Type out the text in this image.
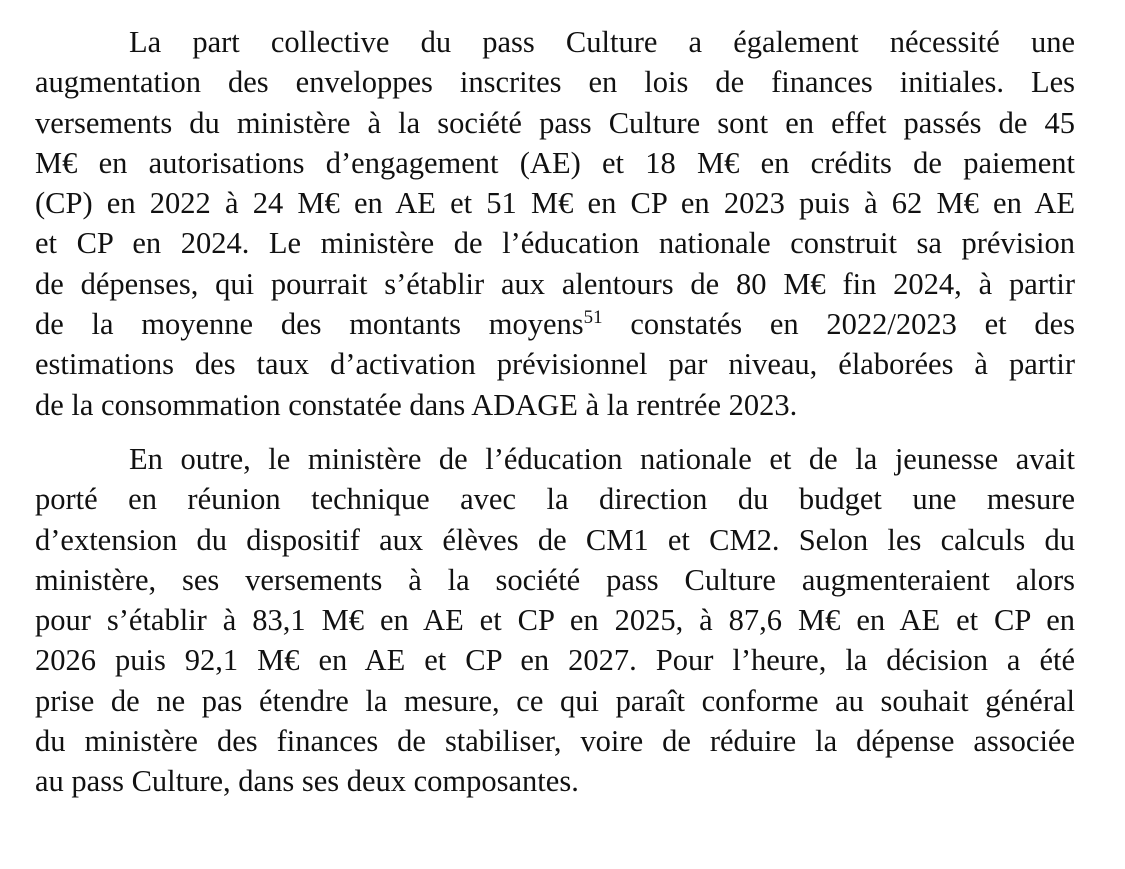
La part collective du pass Culture a également nécessité une
augmentation des enveloppes inscrites en lois de finances initiales. Les
versements du ministère à la société pass Culture sont en effet passés de 45
M€ en autorisations d’engagement (AE) et 18 M€ en crédits de paiement
(CP) en 2022 à 24 M€ en AE et 51 M€ en CP en 2023 puis à 62 M€ en AE
et CP en 2024. Le ministère de l’éducation nationale construit sa prévision
de dépenses, qui pourrait s’établir aux alentours de 80 M€ fin 2024, à partir
de la moyenne des montants moyens$^{51}$ constatés en 2022/2023 et des
estimations des taux d’activation prévisionnel par niveau, élaborées à partir
de la consommation constatée dans ADAGE à la rentrée 2023.
En outre, le ministère de l’éducation nationale et de la jeunesse avait
porté en réunion technique avec la direction du budget une mesure
d’extension du dispositif aux élèves de CM1 et CM2. Selon les calculs du
ministère, ses versements à la société pass Culture augmenteraient alors
pour s’établir à 83,1 M€ en AE et CP en 2025, à 87,6 M€ en AE et CP en
2026 puis 92,1 M€ en AE et CP en 2027. Pour l’heure, la décision a été
prise de ne pas étendre la mesure, ce qui paraît conforme au souhait général
du ministère des finances de stabiliser, voire de réduire la dépense associée
au pass Culture, dans ses deux composantes.
